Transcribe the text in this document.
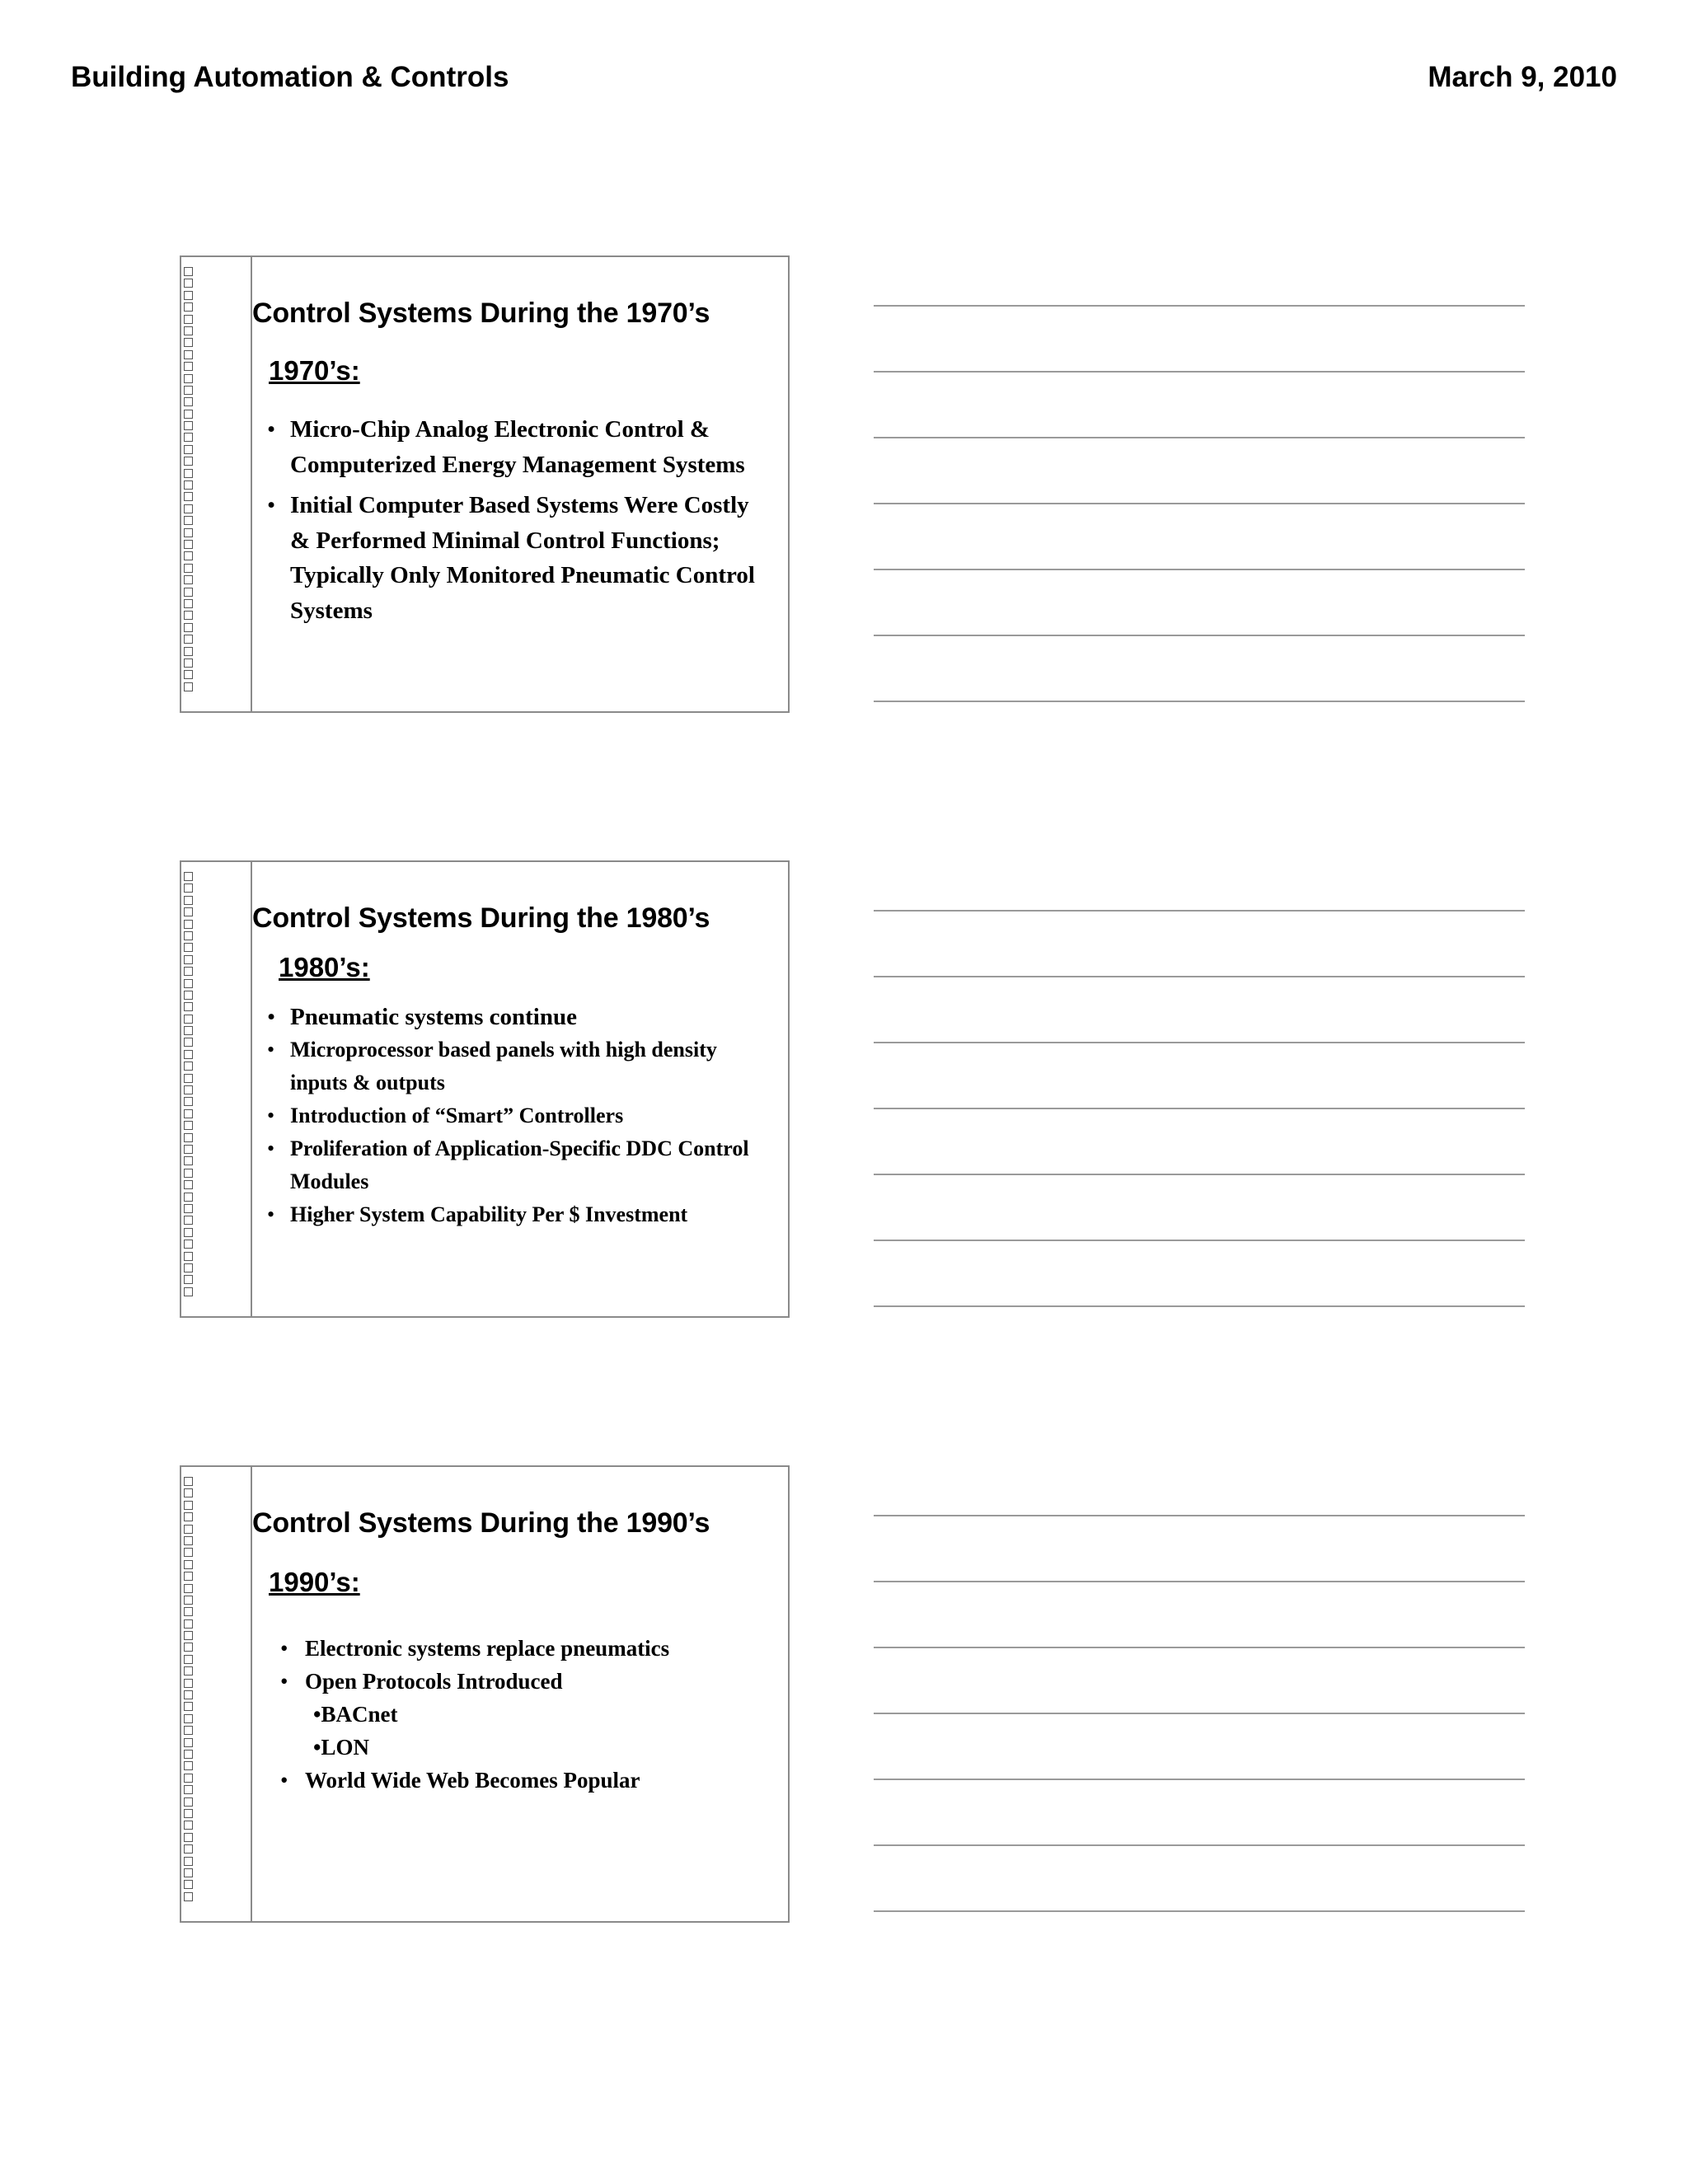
Building Automation & Controls	March 9, 2010
Control Systems During the 1970’s
1970’s:
• Micro-Chip Analog Electronic Control & Computerized Energy Management Systems
• Initial Computer Based Systems Were Costly & Performed Minimal Control Functions; Typically Only Monitored Pneumatic Control Systems
Control Systems During the 1980’s
1980’s:
• Pneumatic systems continue
• Microprocessor based panels with high density inputs & outputs
• Introduction of “Smart” Controllers
• Proliferation of Application-Specific DDC Control Modules
• Higher System Capability Per $ Investment
Control Systems During the 1990’s
1990’s:
• Electronic systems replace pneumatics
• Open Protocols Introduced
•BACnet
•LON
• World Wide Web Becomes Popular
